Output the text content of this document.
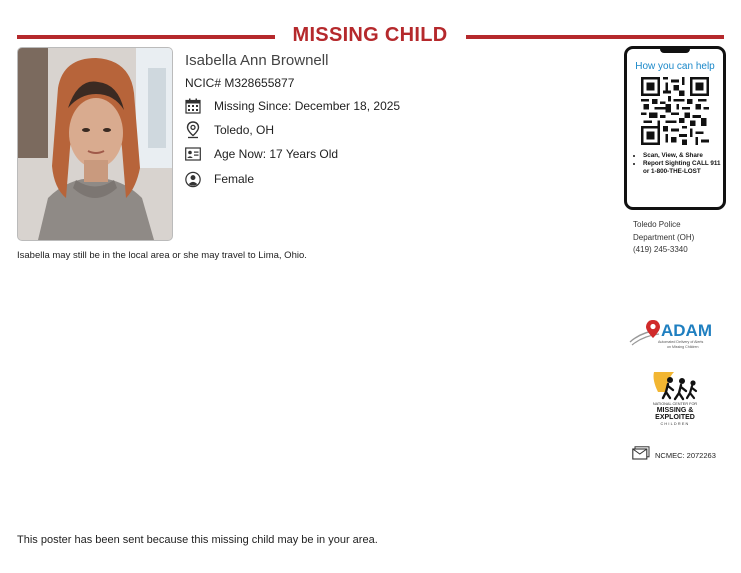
MISSING CHILD
Isabella Ann Brownell
NCIC# M328655877
Missing Since: December 18, 2025
Toledo, OH
Age Now: 17 Years Old
Female
Isabella may still be in the local area or she may travel to Lima, Ohio.
How you can help
• Scan, View, & Share
• Report Sighting CALL 911 or 1-800-THE-LOST
Toledo Police
Department (OH)
(419) 245-3340
ADAM
Automated Delivery of Alerts
on Missing Children
NATIONAL CENTER FOR
MISSING &
EXPLOITED
CHILDREN
NCMEC: 2072263
This poster has been sent because this missing child may be in your area.
